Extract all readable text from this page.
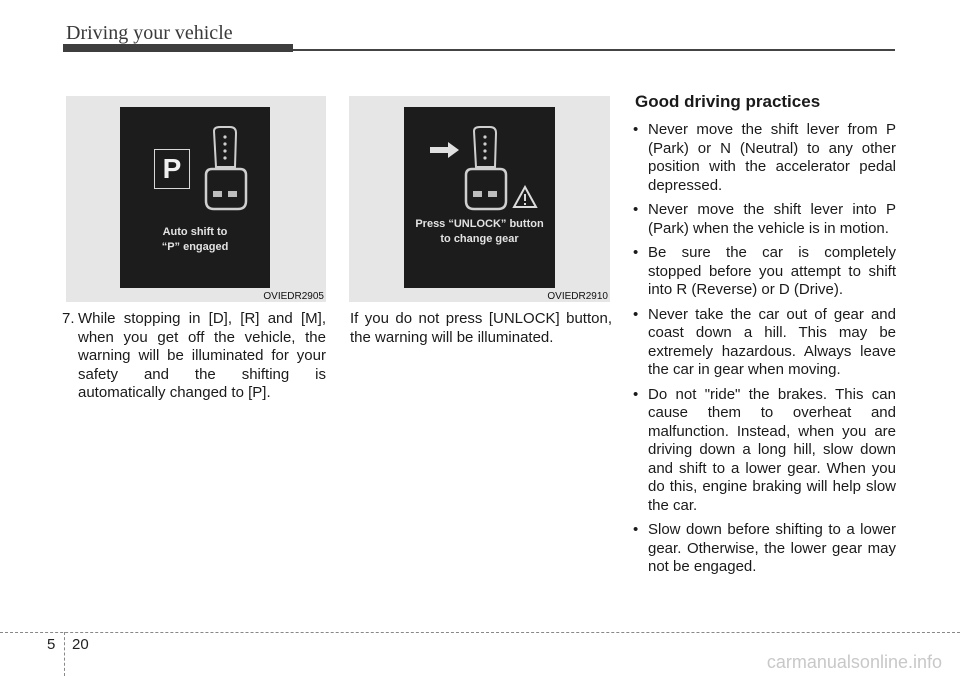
Driving your vehicle
P
Auto shift to
“P” engaged
OVIEDR2905
Press “UNLOCK” button
to change gear
OVIEDR2910
7. While stopping in [D], [R] and [M], when you get off the vehicle, the warning will be illuminated for your safety and the shifting is automatically changed to [P].
If you do not press [UNLOCK] button, the warning will be illuminated.
Good driving practices
• Never move the shift lever from P (Park) or N (Neutral) to any other position with the accelerator pedal depressed.
• Never move the shift lever into P (Park) when the vehicle is in motion.
• Be sure the car is completely stopped before you attempt to shift into R (Reverse) or D (Drive).
• Never take the car out of gear and coast down a hill. This may be extremely hazardous. Always leave the car in gear when moving.
• Do not "ride" the brakes. This can cause them to overheat and malfunction. Instead, when you are driving down a long hill, slow down and shift to a lower gear. When you do this, engine braking will help slow the car.
• Slow down before shifting to a lower gear. Otherwise, the lower gear may not be engaged.
5 20
carmanualsonline.info
